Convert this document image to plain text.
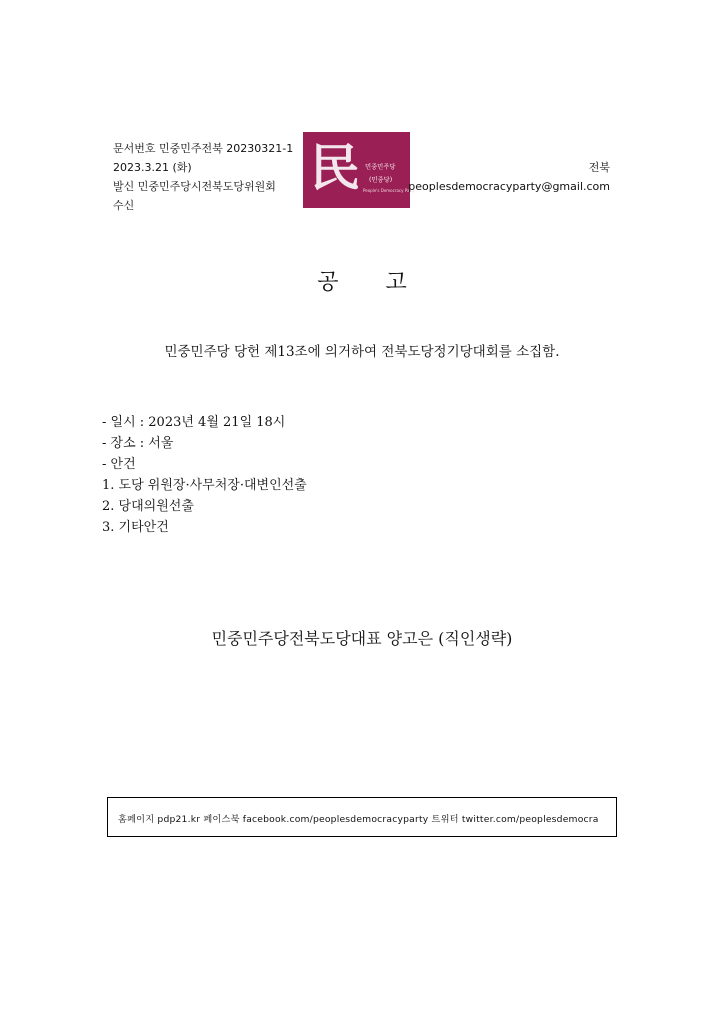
문서번호 민중민주전북 20230321-1
2023.3.21 (화)
발신 민중민주당시전북도당위원회
수신
民 민중민주당
(민중당)
People's Democracy Party
전북
peoplesdemocracyparty@gmail.com
공 고
민중민주당 당헌 제13조에 의거하여 전북도당정기당대회를 소집함.
- 일시 : 2023년 4월 21일 18시
- 장소 : 서울
- 안건
1. 도당 위원장·사무처장·대변인선출
2. 당대의원선출
3. 기타안건
민중민주당전북도당대표 양고은 (직인생략)
홈페이지 pdp21.kr 페이스북 facebook.com/peoplesdemocracyparty 트위터 twitter.com/peoplesdemocra
